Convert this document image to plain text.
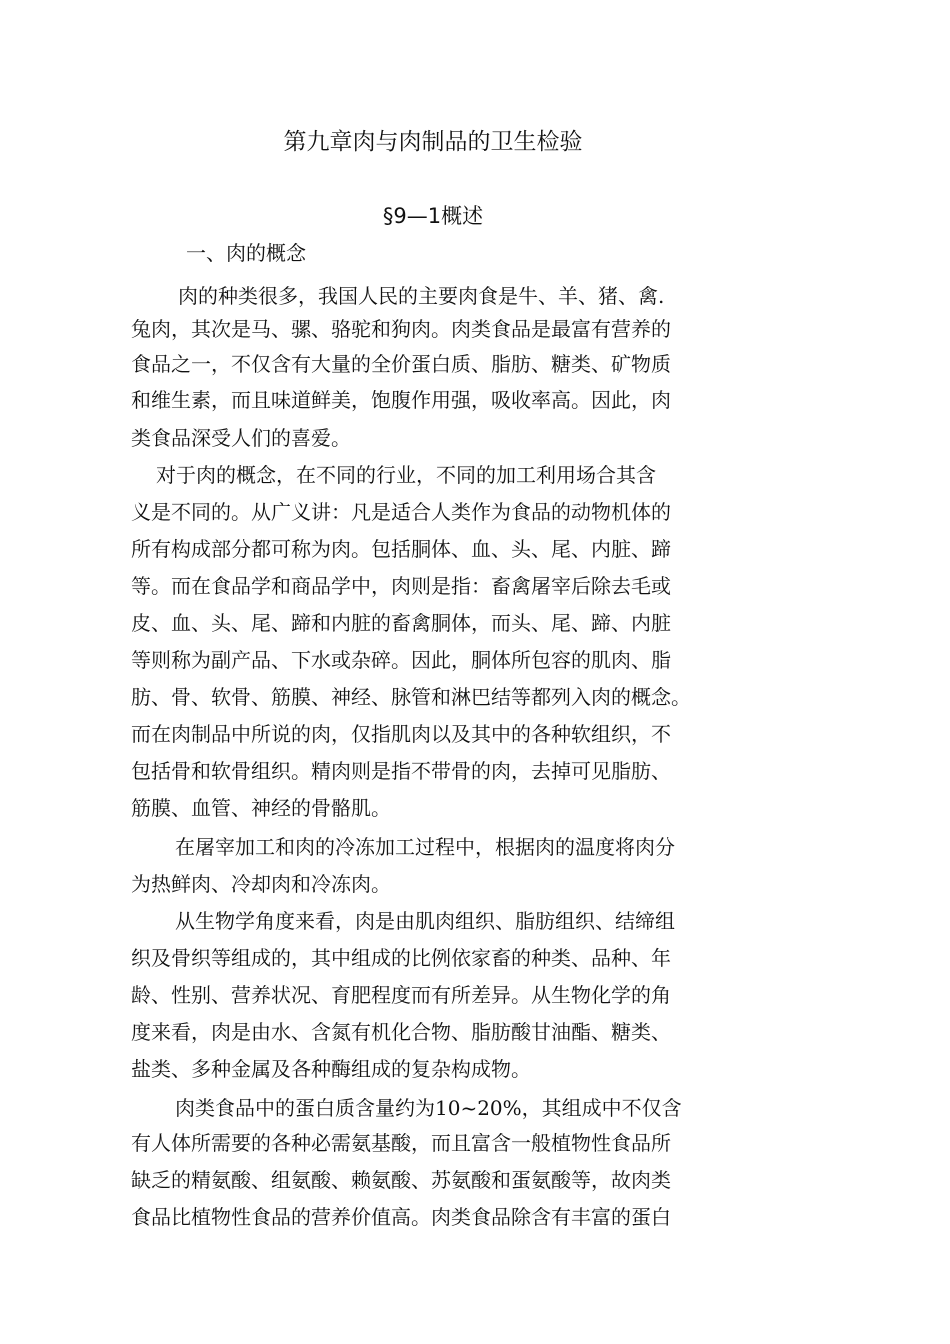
第九章肉与肉制品的卫生检验
§9—1概述

一、肉的概念

肉的种类很多，我国人民的主要肉食是牛、羊、猪、禽.

兔肉，其次是马、骡、骆驼和狗肉。肉类食品是最富有营养的

食品之一，不仅含有大量的全价蛋白质、脂肪、糖类、矿物质

和维生素，而且味道鲜美，饱腹作用强，吸收率高。因此，肉

类食品深受人们的喜爱。

对于肉的概念，在不同的行业，不同的加工利用场合其含

义是不同的。从广义讲：凡是适合人类作为食品的动物机体的

所有构成部分都可称为肉。包括胴体、血、头、尾、内脏、蹄

等。而在食品学和商品学中，肉则是指：畜禽屠宰后除去毛或

皮、血、头、尾、蹄和内脏的畜禽胴体，而头、尾、蹄、内脏

等则称为副产品、下水或杂碎。因此，胴体所包容的肌肉、脂

肪、骨、软骨、筋膜、神经、脉管和淋巴结等都列入肉的概念。

而在肉制品中所说的肉，仅指肌肉以及其中的各种软组织，不

包括骨和软骨组织。精肉则是指不带骨的肉，去掉可见脂肪、

筋膜、血管、神经的骨骼肌。

在屠宰加工和肉的冷冻加工过程中，根据肉的温度将肉分

为热鲜肉、冷却肉和冷冻肉。

从生物学角度来看，肉是由肌肉组织、脂肪组织、结缔组

织及骨织等组成的，其中组成的比例依家畜的种类、品种、年

龄、性别、营养状况、育肥程度而有所差异。从生物化学的角

度来看，肉是由水、含氮有机化合物、脂肪酸甘油酯、糖类、

盐类、多种金属及各种酶组成的复杂构成物。

肉类食品中的蛋白质含量约为10~20%，其组成中不仅含

有人体所需要的各种必需氨基酸，而且富含一般植物性食品所

缺乏的精氨酸、组氨酸、赖氨酸、苏氨酸和蛋氨酸等，故肉类

食品比植物性食品的营养价值高。肉类食品除含有丰富的蛋白
